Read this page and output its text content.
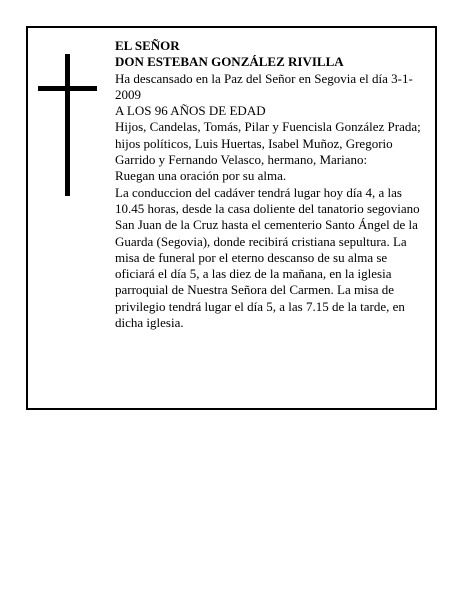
EL SEÑOR

DON ESTEBAN GONZÁLEZ RIVILLA

Ha descansado en la Paz del Señor en Segovia el día 3-1-2009

A LOS 96 AÑOS DE EDAD

Hijos, Candelas, Tomás, Pilar y Fuencisla González Prada; hijos políticos, Luis Huertas, Isabel Muñoz, Gregorio Garrido y Fernando Velasco, hermano, Mariano:

Ruegan una oración por su alma.

La conduccion del cadáver tendrá lugar hoy día 4, a las 10.45 horas, desde la casa doliente del tanatorio segoviano San Juan de la Cruz hasta el cementerio Santo Ángel de la Guarda (Segovia), donde recibirá cristiana sepultura. La misa de funeral por el eterno descanso de su alma se oficiará el día 5, a las diez de la mañana, en la iglesia parroquial de Nuestra Señora del Carmen. La misa de privilegio tendrá lugar el día 5, a las 7.15 de la tarde, en dicha iglesia.
